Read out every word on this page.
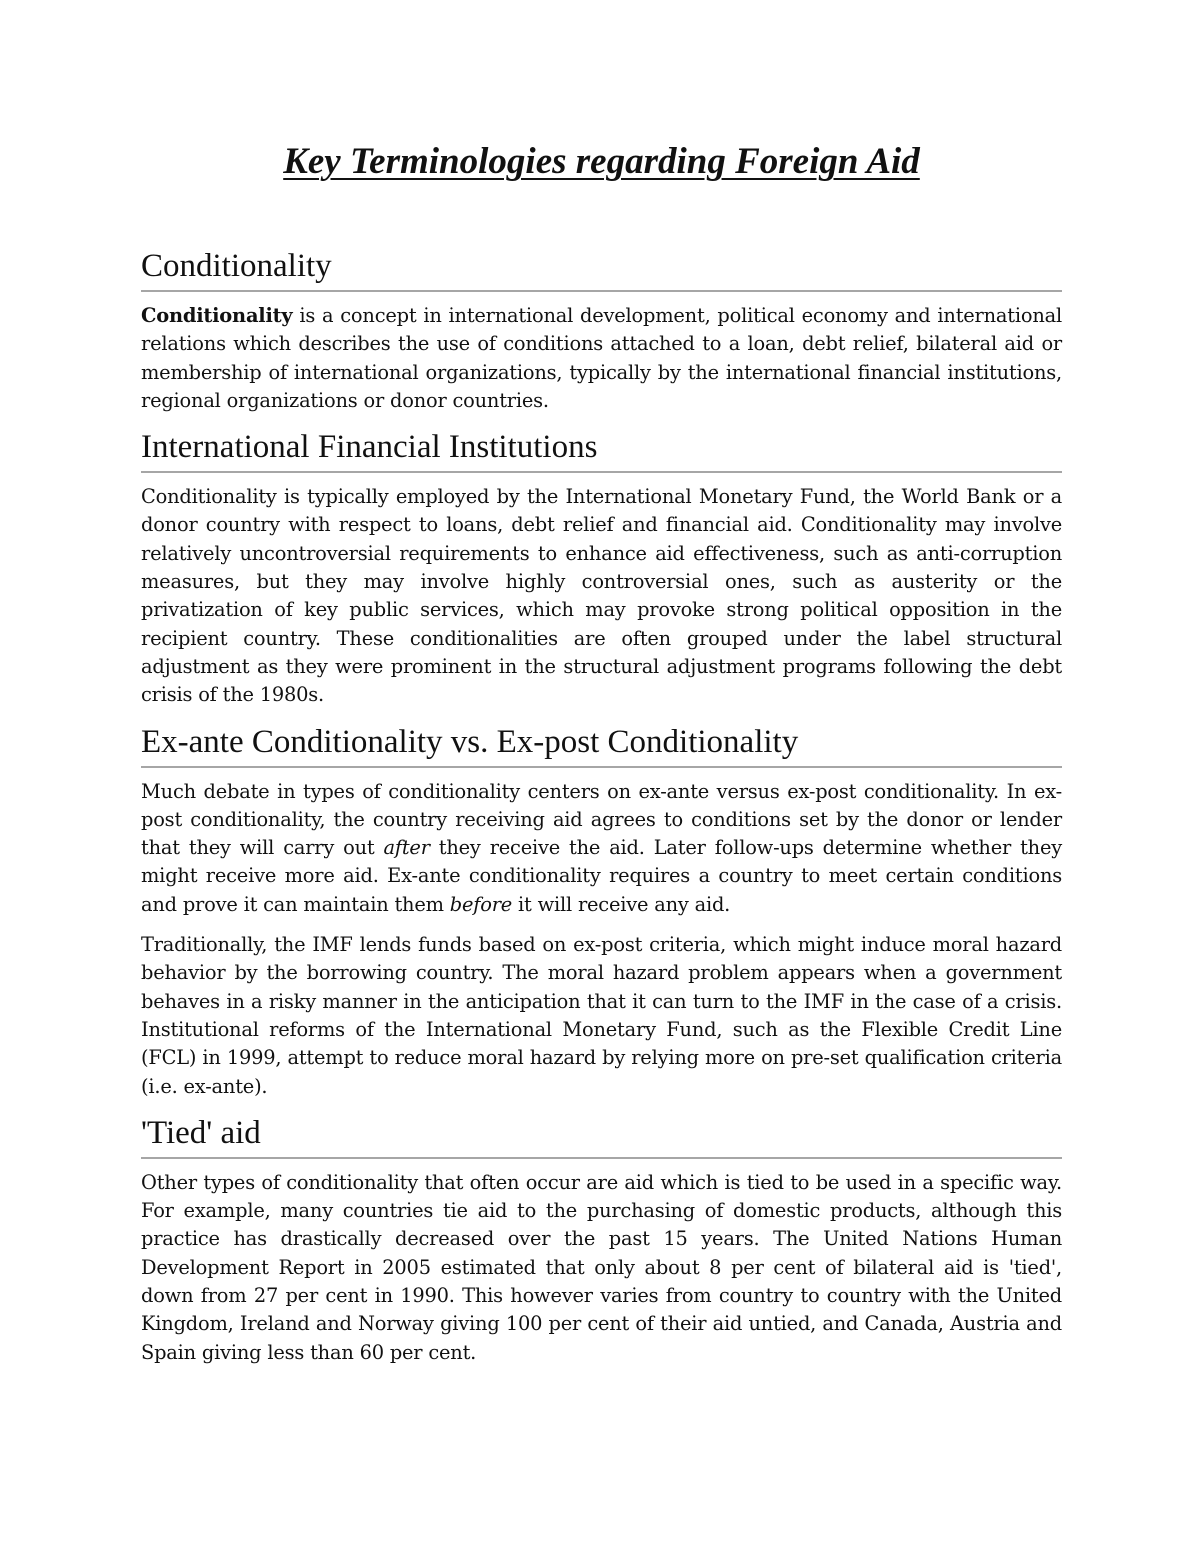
Key Terminologies regarding Foreign Aid
Conditionality

Conditionality is a concept in international development, political economy and international relations which describes the use of conditions attached to a loan, debt relief, bilateral aid or membership of international organizations, typically by the international financial institutions, regional organizations or donor countries.

International Financial Institutions

Conditionality is typically employed by the International Monetary Fund, the World Bank or a donor country with respect to loans, debt relief and financial aid. Conditionality may involve relatively uncontroversial requirements to enhance aid effectiveness, such as anti-corruption measures, but they may involve highly controversial ones, such as austerity or the privatization of key public services, which may provoke strong political opposition in the recipient country. These conditionalities are often grouped under the label structural adjustment as they were prominent in the structural adjustment programs following the debt crisis of the 1980s.

Ex-ante Conditionality vs. Ex-post Conditionality

Much debate in types of conditionality centers on ex-ante versus ex-post conditionality. In ex-post conditionality, the country receiving aid agrees to conditions set by the donor or lender that they will carry out after they receive the aid. Later follow-ups determine whether they might receive more aid. Ex-ante conditionality requires a country to meet certain conditions and prove it can maintain them before it will receive any aid.

Traditionally, the IMF lends funds based on ex-post criteria, which might induce moral hazard behavior by the borrowing country. The moral hazard problem appears when a government behaves in a risky manner in the anticipation that it can turn to the IMF in the case of a crisis. Institutional reforms of the International Monetary Fund, such as the Flexible Credit Line (FCL) in 1999, attempt to reduce moral hazard by relying more on pre-set qualification criteria (i.e. ex-ante).

'Tied' aid

Other types of conditionality that often occur are aid which is tied to be used in a specific way. For example, many countries tie aid to the purchasing of domestic products, although this practice has drastically decreased over the past 15 years. The United Nations Human Development Report in 2005 estimated that only about 8 per cent of bilateral aid is 'tied', down from 27 per cent in 1990. This however varies from country to country with the United Kingdom, Ireland and Norway giving 100 per cent of their aid untied, and Canada, Austria and Spain giving less than 60 per cent.
